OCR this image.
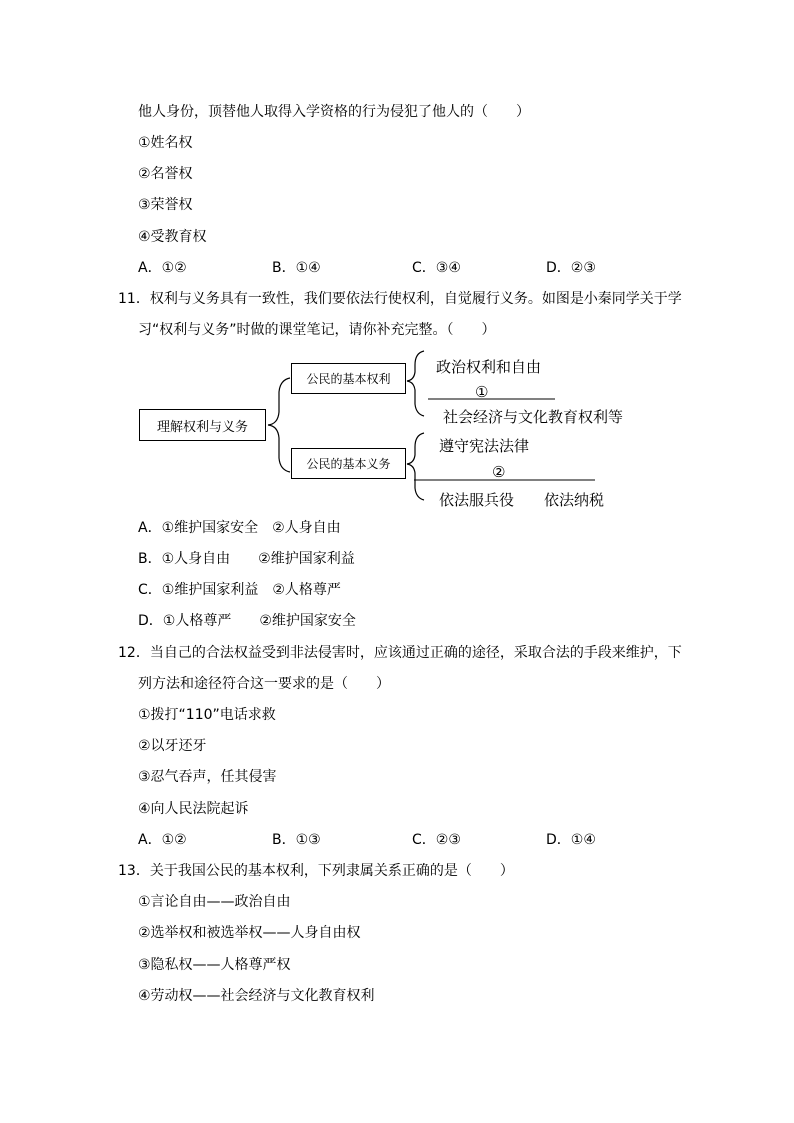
他人身份，顶替他人取得入学资格的行为侵犯了他人的（　　）
①姓名权
②名誉权
③荣誉权
④受教育权
A．①②	B．①④	C．③④	D．②③
11．权利与义务具有一致性，我们要依法行使权利，自觉履行义务。如图是小秦同学关于学
习“权利与义务”时做的课堂笔记，请你补充完整。（　　）
理解权利与义务
公民的基本权利
公民的基本义务
政治权利和自由
①
社会经济与文化教育权利等
遵守宪法法律
②
依法服兵役　　依法纳税
A．①维护国家安全　②人身自由
B．①人身自由　　②维护国家利益
C．①维护国家利益　②人格尊严
D．①人格尊严　　②维护国家安全
12．当自己的合法权益受到非法侵害时，应该通过正确的途径，采取合法的手段来维护，下
列方法和途径符合这一要求的是（　　）
①拨打“110”电话求救
②以牙还牙
③忍气吞声，任其侵害
④向人民法院起诉
A．①②	B．①③	C．②③	D．①④
13．关于我国公民的基本权利，下列隶属关系正确的是（　　）
①言论自由——政治自由
②选举权和被选举权——人身自由权
③隐私权——人格尊严权
④劳动权——社会经济与文化教育权利
